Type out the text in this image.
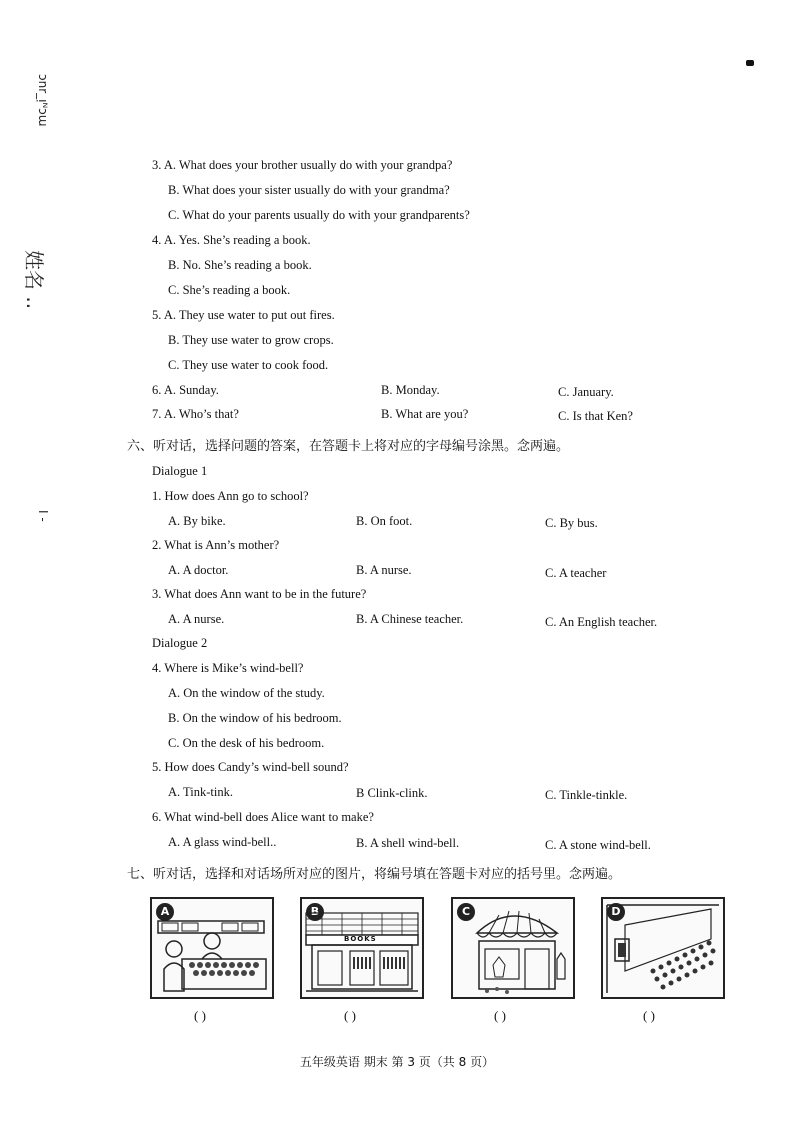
ɔnr_ᴉᴺɔɯ
姓名 ..
I -
3. A. What does your brother usually do with your grandpa?
B. What does your sister usually do with your grandma?
C. What do your parents usually do with your grandparents?
4. A. Yes. She’s reading a book.
B. No. She’s reading a book.
C. She’s reading a book.
5. A. They use water to put out fires.
B. They use water to grow crops.
C. They use water to cook food.
6. A. Sunday.	B. Monday.	C. January.
7. A. Who’s that?	B. What are you?	C. Is that Ken?
六、听对话，选择问题的答案，在答题卡上将对应的字母编号涂黑。念两遍。
Dialogue 1
1. How does Ann go to school?
A. By bike.	B. On foot.	C. By bus.
2. What is Ann’s mother?
A. A doctor.	B. A nurse.	C. A teacher
3. What does Ann want to be in the future?
A. A nurse.	B. A Chinese teacher.	C. An English teacher.
Dialogue 2
4. Where is Mike’s wind-bell?
A. On the window of the study.
B. On the window of his bedroom.
C. On the desk of his bedroom.
5. How does Candy’s wind-bell sound?
A. Tink-tink.	B Clink-clink.	C. Tinkle-tinkle.
6. What wind-bell does Alice want to make?
A. A glass wind-bell..	B. A shell wind-bell.	C. A stone wind-bell.
七、听对话，选择和对话场所对应的图片，将编号填在答题卡对应的括号里。念两遍。
A	B
BOOKS
C	D
( )	( )	( )	( )
五年级英语 期末 第 3 页（共 8 页）
